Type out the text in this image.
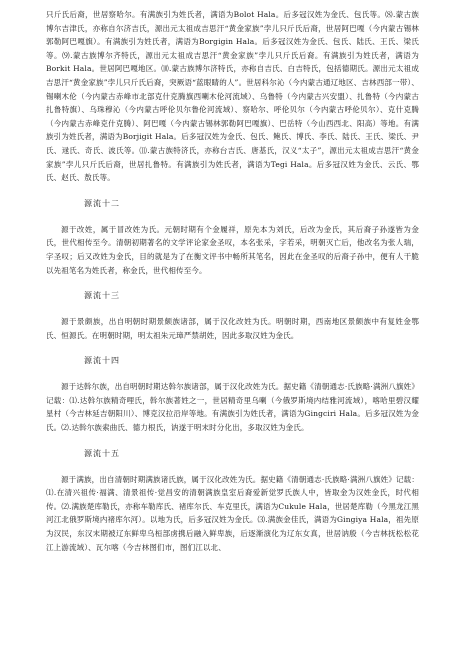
只斤氏后裔，世居察哈尔。有满族引为姓氏者，满语为Bolot Hala。后多冠汉姓为金氏、包氏等。⑻.蒙古族博尔吉津氏，亦称自尔济吉氏，源出元太祖成吉思汗“黄金家族”孛儿只斤氏后裔，世居阿巴嘎（今内蒙古锡林郭勒阿巴嘎旗）。有满族引为姓氏者，满语为Borgigin Hala。后多冠汉姓为金氏、包氏、陆氏、王氏、梁氏等。⑼.蒙古族博尔齐特氏，源出元太祖成吉思汗“黄金家族”孛儿只斤氏后裔。有满族引为姓氏者，满语为Borkit Hala。世居阿巴嘎地区。⑽.蒙古族博尔济特氏，亦称自吉氏、白吉特氏，包括德期氏。源出元太祖成吉思汗“黄金家族”孛儿只斤氏后裔，突厥语“蓝眼睛的人”。世居科尔沁（今内蒙古通辽地区、吉林西部一带）、锡喇木伦（今内蒙古赤峰市北部克什克腾旗西喇木伦河流域）、乌鲁特（今内蒙古兴安盟）、扎鲁特（今内蒙古扎鲁特旗）、乌珠穆沁（今内蒙古呼伦贝尔鲁伦河流域）、察哈尔、呼伦贝尔（今内蒙古呼伦贝尔）、克什克腾（今内蒙古赤峰克什克腾）、阿巴嘎（今内蒙古锡林郭勒阿巴嘎旗）、巴岳特（今山西西北、阳高）等地。有满族引为姓氏者，满语为Borjigit Hala。后多冠汉姓为金氏、包氏、鲍氏、博氏、李氏、陆氏、王氏、梁氏、尹氏、逯氏、奇氏、波氏等。⑾.蒙古族特济氏，亦称台吉氏、唐基氏，汉义“太子”，源出元太祖成吉思汗“黄金家族”孛儿只斤氏后裔，世居扎鲁特。有满族引为姓氏者，满语为Tegi Hala。后多冠汉姓为金氏、云氏、鄂氏、赵氏、敖氏等。

源流十二

源于改姓，属于冒改姓为氏。元朝时期有个金履祥，原先本为刘氏，后改为金氏，其后裔子孙遂皆为金氏，世代相传至今。清朝初期著名的文学评论家金圣叹，本名张采，字若采，明朝灭亡后，他改名为张人瑞，字圣叹；后又改姓为金氏，目的就是为了在衡文评书中畅所其笔名，因此在金圣叹的后裔子孙中，便有人干脆以先祖笔名为姓氏者，称金氏，世代相传至今。

源流十三

源于景颇族，出自明朝时期景颇族诸部，属于汉化改姓为氏。明朝时期，西南地区景颇族中有复姓金鄂氏、恒源氏。在明朝时期，明太祖朱元璋严禁胡姓，因此多取汉姓为金氏。

源流十四

源于达斡尔族，出自明朝时期达斡尔族诸部，属于汉化改姓为氏。据史籍《清朝通志·氏族略·满洲八旗姓》记载：⑴.达斡尔族精奇哩氏，斡尔族著姓之一，世居精奇里乌喇（今俄罗斯境内结雅河流域），喀哈里碧汉耀星村（今吉林延吉朝阳川）、博克汉拉沿岸等地。有满族引为姓氏者，满语为Gingciri Hala。后多冠汉姓为金氏。⑵.达斡尔族索曲氏、德力根氏，讷遂于明末时分化出，多取汉姓为金氏。

源流十五

源于满族，出自清朝时期满族诸氏族，属于汉化改姓为氏。据史籍《清朝通志·氏族略·满洲八旗姓》记载：⑴.在清兴祖传·福满、清景祖传·觉昌安的清朝满族皇室后裔爱新觉罗氏族人中，皆取金为汉姓金氏，时代相传。⑵.满族楚库勒氏，亦称车勒库氏、褚库尔氏、车克里氏，满语为Cukule Hala，世居楚库勒（今黑龙江黑河江北俄罗斯境内褚库尔河）。以地为氏，后多冠汉姓为金氏。⑶.满族金佳氏，满语为Gingiya Hala，祖先原为汉民，东汉末期被辽东鲜卑乌桓部虏携后融入鲜卑族，后逐渐演化为辽东女真，世居讷殷（今吉林抚松松花江上游流域）、瓦尔喀（今吉林图们市，图们江以北、
